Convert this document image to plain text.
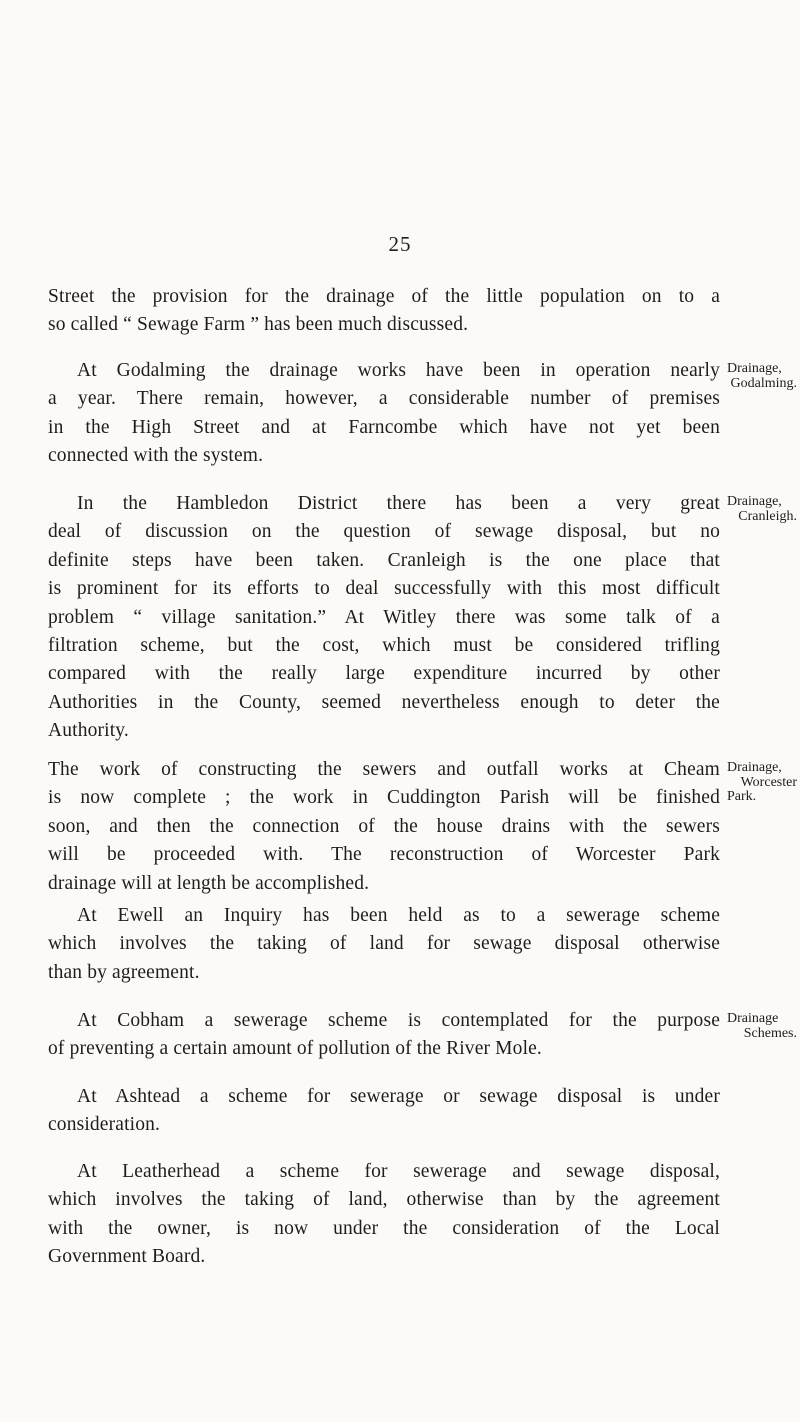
25

Street the provision for the drainage of the little population on to a
so called “ Sewage Farm ” has been much discussed.

At Godalming the drainage works have been in operation nearly
a year. There remain, however, a considerable number of premises
in the High Street and at Farncombe which have not yet been
connected with the system.

In the Hambledon District there has been a very great
deal of discussion on the question of sewage disposal, but no
definite steps have been taken. Cranleigh is the one place that
is prominent for its efforts to deal successfully with this most difficult
problem “ village sanitation.” At Witley there was some talk of a
filtration scheme, but the cost, which must be considered trifling
compared with the really large expenditure incurred by other
Authorities in the County, seemed nevertheless enough to deter the
Authority.

The work of constructing the sewers and outfall works at Cheam
is now complete ; the work in Cuddington Parish will be finished
soon, and then the connection of the house drains with the sewers
will be proceeded with. The reconstruction of Worcester Park
drainage will at length be accomplished.

At Ewell an Inquiry has been held as to a sewerage scheme
which involves the taking of land for sewage disposal otherwise
than by agreement.

At Cobham a sewerage scheme is contemplated for the purpose
of preventing a certain amount of pollution of the River Mole.

At Ashtead a scheme for sewerage or sewage disposal is under
consideration.

At Leatherhead a scheme for sewerage and sewage disposal,
which involves the taking of land, otherwise than by the agreement
with the owner, is now under the consideration of the Local
Government Board.

Drainage,
Godalming.
Drainage,
Cranleigh.
Drainage,
Worcester
Park.
Drainage
Schemes.
